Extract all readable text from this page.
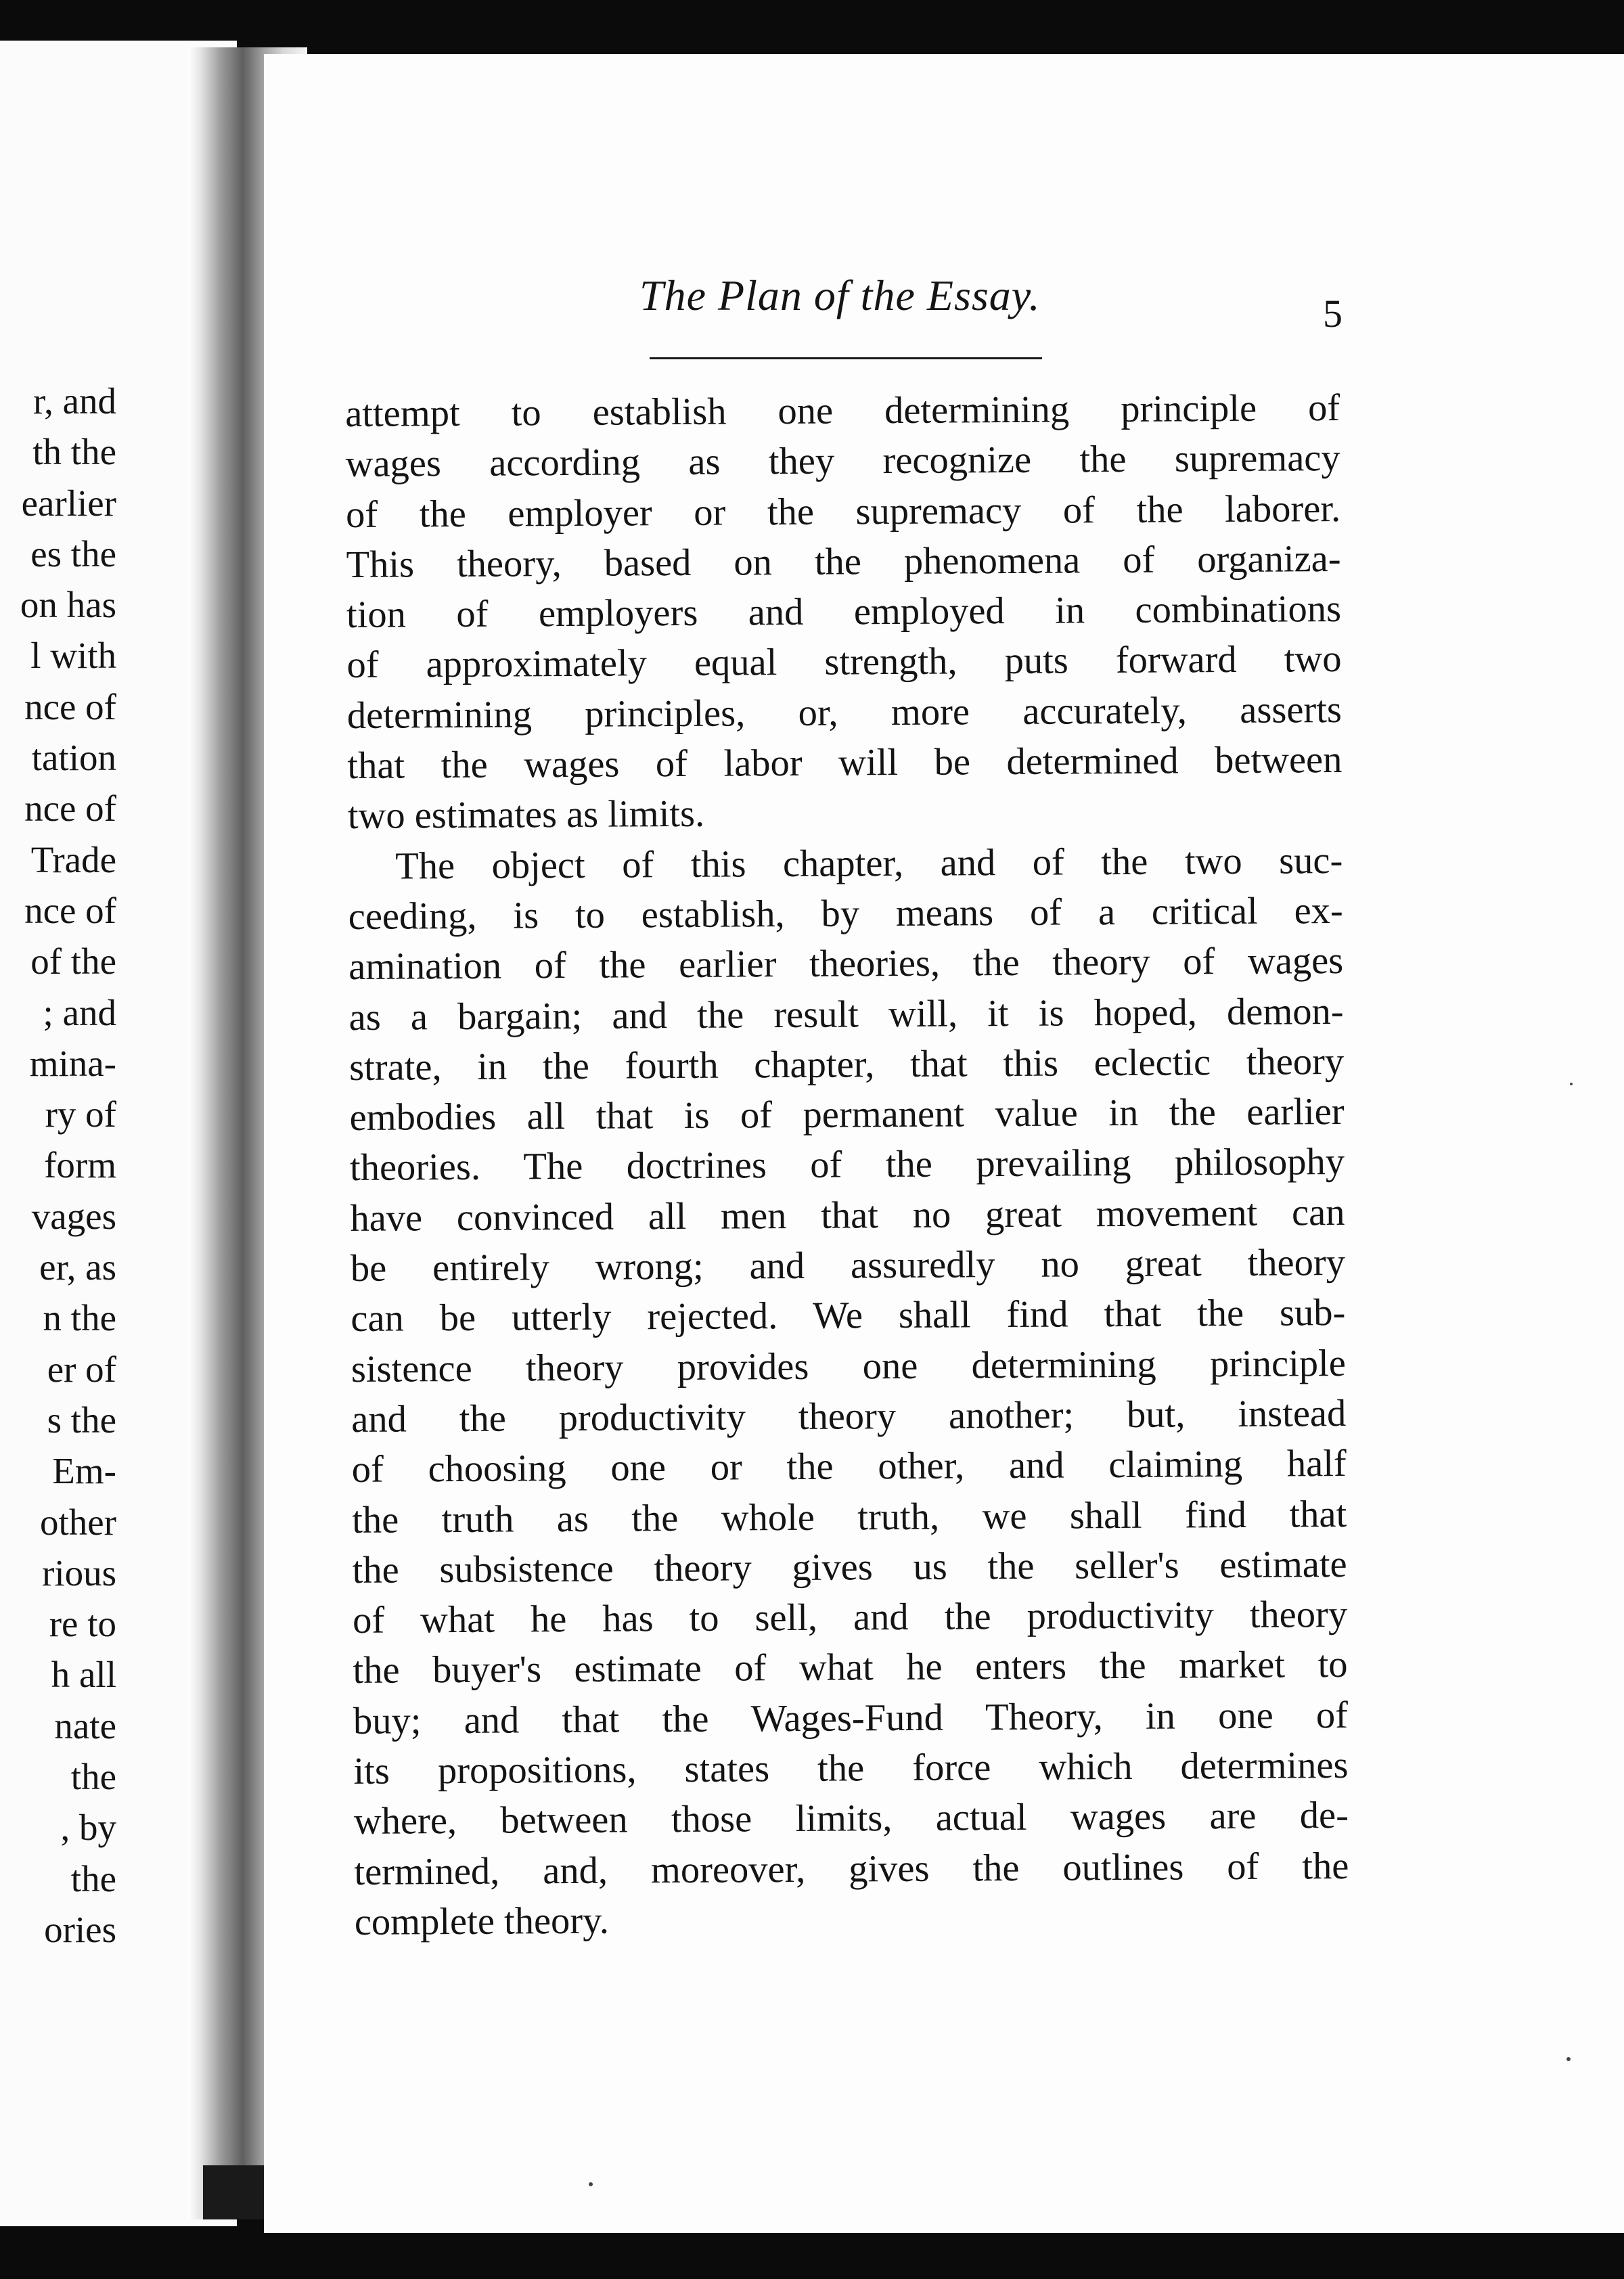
r, and
th the
earlier
es the
on has
l with
nce of
tation
nce of
Trade
nce of
of the
; and
mina-
ry of
form
vages
er, as
n the
er of
s the
Em-
other
rious
re to
h all
nate
the
, by
the
ories
The Plan of the Essay.	5
attempt to establish one determining principle of
wages according as they recognize the supremacy
of the employer or the supremacy of the laborer.
This theory, based on the phenomena of organiza-
tion of employers and employed in combinations
of approximately equal strength, puts forward two
determining principles, or, more accurately, asserts
that the wages of labor will be determined between
two estimates as limits.
The object of this chapter, and of the two suc-
ceeding, is to establish, by means of a critical ex-
amination of the earlier theories, the theory of wages
as a bargain; and the result will, it is hoped, demon-
strate, in the fourth chapter, that this eclectic theory
embodies all that is of permanent value in the earlier
theories. The doctrines of the prevailing philosophy
have convinced all men that no great movement can
be entirely wrong; and assuredly no great theory
can be utterly rejected. We shall find that the sub-
sistence theory provides one determining principle
and the productivity theory another; but, instead
of choosing one or the other, and claiming half
the truth as the whole truth, we shall find that
the subsistence theory gives us the seller's estimate
of what he has to sell, and the productivity theory
the buyer's estimate of what he enters the market to
buy; and that the Wages-Fund Theory, in one of
its propositions, states the force which determines
where, between those limits, actual wages are de-
termined, and, moreover, gives the outlines of the
complete theory.
